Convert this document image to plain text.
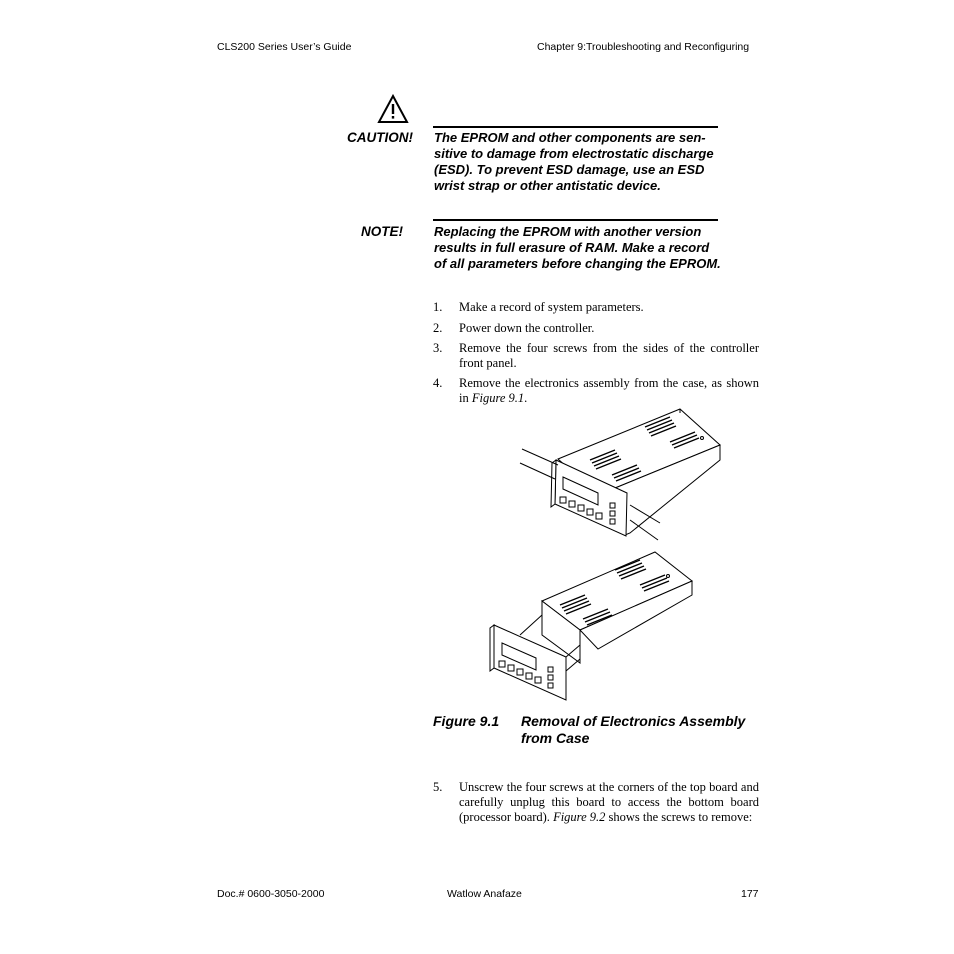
CLS200 Series User’s Guide	Chapter 9:Troubleshooting and Reconfiguring
CAUTION! The EPROM and other components are sen-sitive to damage from electrostatic discharge (ESD). To prevent ESD damage, use an ESD wrist strap or other antistatic device.
NOTE! Replacing the EPROM with another version results in full erasure of RAM. Make a record of all parameters before changing the EPROM.
1. Make a record of system parameters.
2. Power down the controller.
3. Remove the four screws from the sides of the controller front panel.
4. Remove the electronics assembly from the case, as shown in Figure 9.1.
Figure 9.1 Removal of Electronics Assembly from Case
5. Unscrew the four screws at the corners of the top board and carefully unplug this board to access the bottom board (processor board). Figure 9.2 shows the screws to remove:
Doc.# 0600-3050-2000	Watlow Anafaze	177
